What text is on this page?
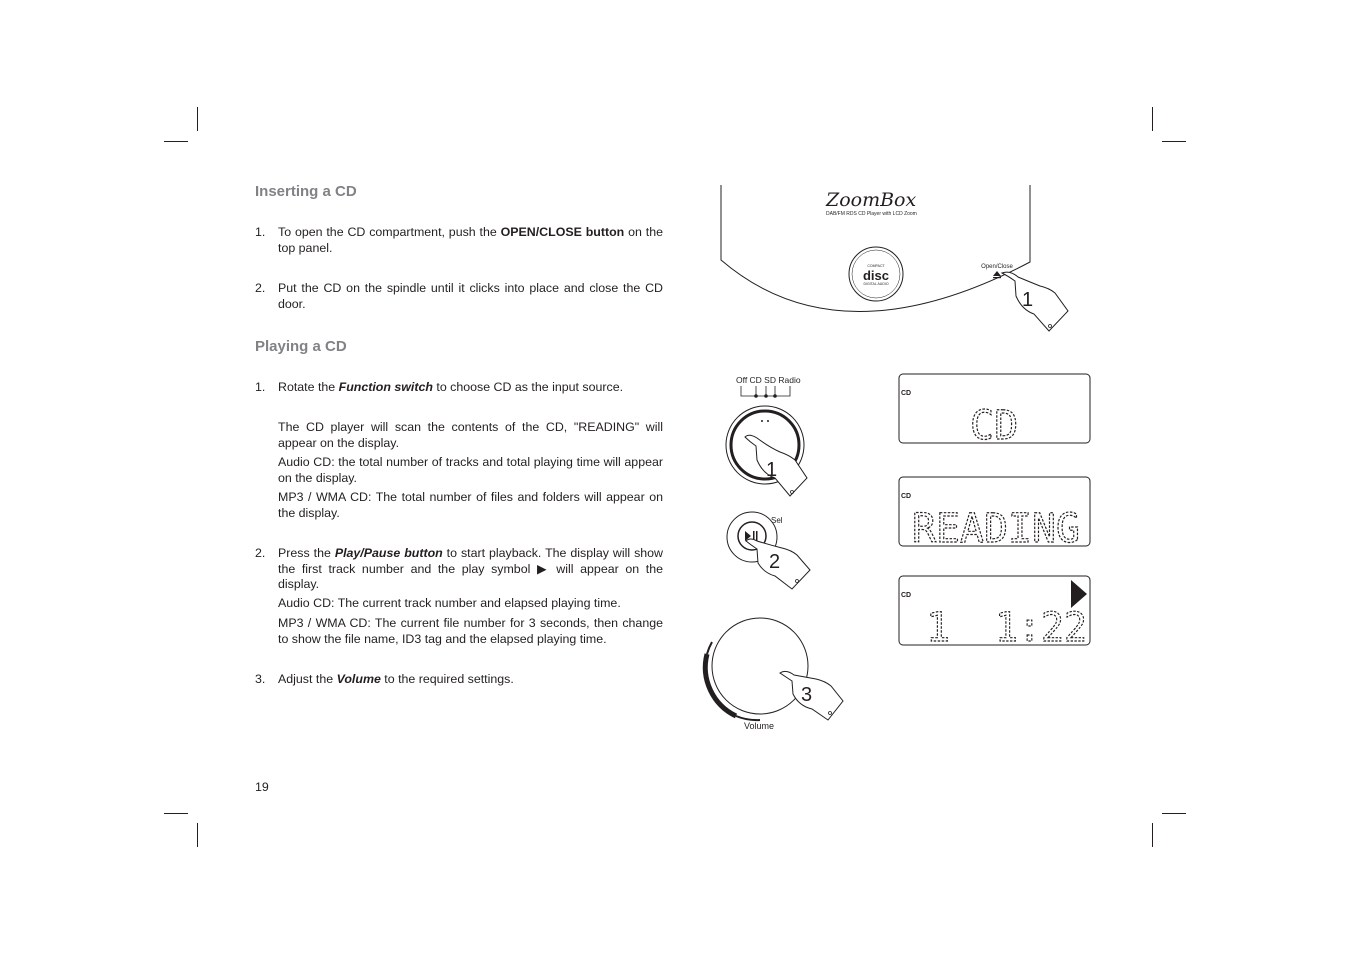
Inserting a CD
1. To open the CD compartment, push the OPEN/CLOSE button on the top panel.
2. Put the CD on the spindle until it clicks into place and close the CD door.
Playing a CD
1. Rotate the Function switch to choose CD as the input source.
The CD player will scan the contents of the CD, "READING" will appear on the display.
Audio CD: the total number of tracks and total playing time will appear on the display.
MP3 / WMA CD: The total number of files and folders will appear on the display.
2. Press the Play/Pause button to start playback. The display will show the first track number and the play symbol ▶ will appear on the display.
Audio CD: The current track number and elapsed playing time.
MP3 / WMA CD: The current file number for 3 seconds, then change to show the file name, ID3 tag and the elapsed playing time.
3. Adjust the Volume to the required settings.
19
ZoomBox
DAB/FM RDS CD Player with LCD Zoom
COMPACT
disc
DIGITAL AUDIO
Open/Close
1
Off CD SD Radio
1
Sel
2
Volume
3
CD
CD
CD
READING
CD
1 1:22
